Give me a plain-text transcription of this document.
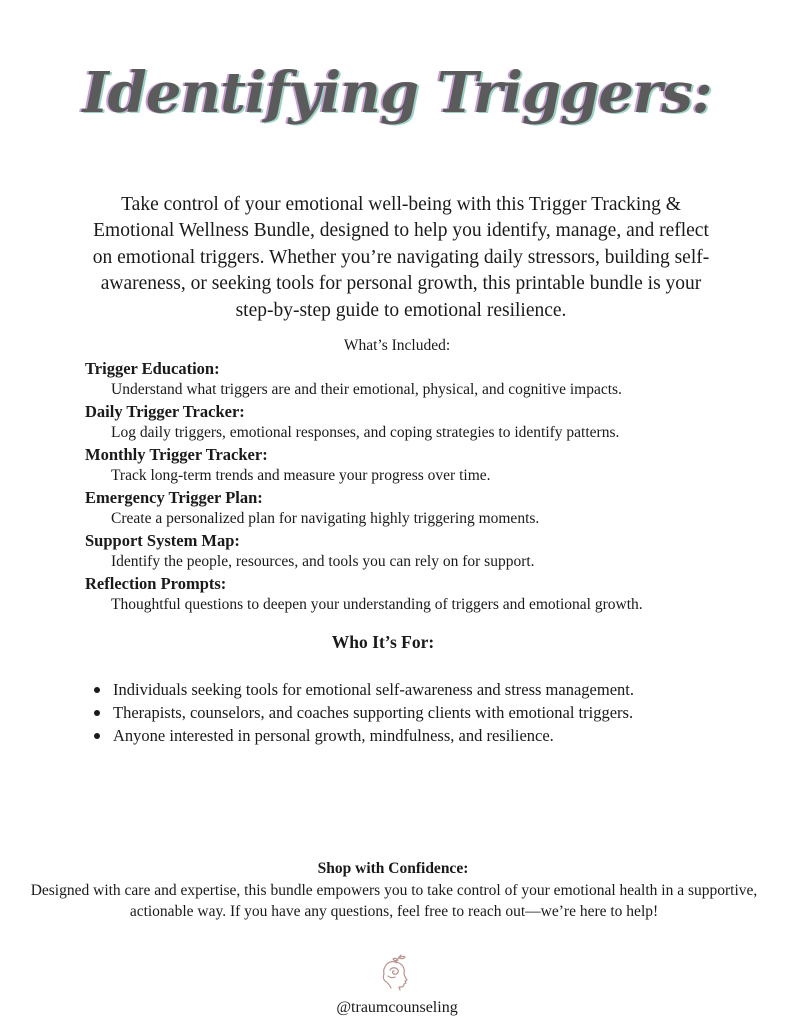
Identifying Triggers:

Take control of your emotional well-being with this Trigger Tracking & Emotional Wellness Bundle, designed to help you identify, manage, and reflect on emotional triggers. Whether you’re navigating daily stressors, building self-awareness, or seeking tools for personal growth, this printable bundle is your step-by-step guide to emotional resilience.

What’s Included:
Trigger Education:
Understand what triggers are and their emotional, physical, and cognitive impacts.
Daily Trigger Tracker:
Log daily triggers, emotional responses, and coping strategies to identify patterns.
Monthly Trigger Tracker:
Track long-term trends and measure your progress over time.
Emergency Trigger Plan:
Create a personalized plan for navigating highly triggering moments.
Support System Map:
Identify the people, resources, and tools you can rely on for support.
Reflection Prompts:
Thoughtful questions to deepen your understanding of triggers and emotional growth.
Who It’s For:
Individuals seeking tools for emotional self-awareness and stress management.
Therapists, counselors, and coaches supporting clients with emotional triggers.
Anyone interested in personal growth, mindfulness, and resilience.
Shop with Confidence:

Designed with care and expertise, this bundle empowers you to take control of your emotional health in a supportive, actionable way. If you have any questions, feel free to reach out—we’re here to help!

@traumcounseling
